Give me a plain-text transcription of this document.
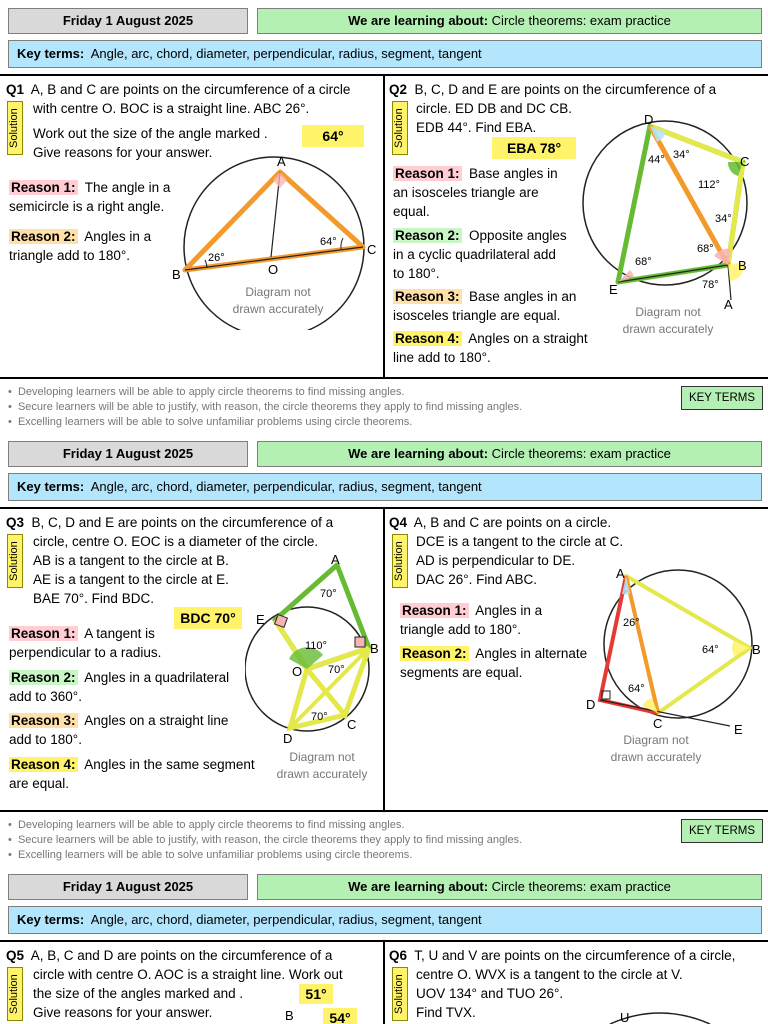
Friday 1 August 2025	We are learning about: Circle theorems: exam practice
Key terms: Angle, arc, chord, diameter, perpendicular, radius, segment, tangent
Q1 A, B and C are points on the circumference of a circle
with centre O. BOC is a straight line. ABC 26°.
Work out the size of the angle marked .
Give reasons for your answer.
Solution	64°
Reason 1: The angle in a
semicircle is a right angle.
Reason 2: Angles in a
triangle add to 180°.
A
B
C
O
26°
64°
Diagram not
drawn accurately
Q2 B, C, D and E are points on the circumference of a
circle. ED DB and DC CB.
EDB 44°. Find EBA.
Solution
EBA 78°
Reason 1: Base angles in
an isosceles triangle are
equal.
Reason 2: Opposite angles
in a cyclic quadrilateral add
to 180°.
Reason 3: Base angles in an
isosceles triangle are equal.
Reason 4: Angles on a straight
line add to 180°.
D
C
B
E
A
44° 34°
112°
34°
68°
68°
78°
Diagram not
drawn accurately
•  Developing learners will be able to apply circle theorems to find missing angles.
•  Secure learners will be able to justify, with reason, the circle theorems they apply to find missing angles.
•  Excelling learners will be able to solve unfamiliar problems using circle theorems.
KEY TERMS
Friday 1 August 2025	We are learning about: Circle theorems: exam practice
Key terms: Angle, arc, chord, diameter, perpendicular, radius, segment, tangent
Q3 B, C, D and E are points on the circumference of a
circle, centre O. EOC is a diameter of the circle.
AB is a tangent to the circle at B.
AE is a tangent to the circle at E.
BAE 70°. Find BDC.
Solution
BDC 70°
Reason 1: A tangent is
perpendicular to a radius.
Reason 2: Angles in a quadrilateral
add to 360°.
Reason 3: Angles on a straight line
add to 180°.
Reason 4: Angles in the same segment
are equal.
A
B
C
D
E
O
70°
110°
70°
70°
Diagram not
drawn accurately
Q4 A, B and C are points on a circle.
DCE is a tangent to the circle at C.
AD is perpendicular to DE.
DAC 26°. Find ABC.
Solution
Reason 1: Angles in a
triangle add to 180°.
Reason 2: Angles in alternate
segments are equal.
A
B
C
D
E
26°
64°
64°
Diagram not
drawn accurately
•  Developing learners will be able to apply circle theorems to find missing angles.
•  Secure learners will be able to justify, with reason, the circle theorems they apply to find missing angles.
•  Excelling learners will be able to solve unfamiliar problems using circle theorems.
KEY TERMS
Friday 1 August 2025	We are learning about: Circle theorems: exam practice
Key terms: Angle, arc, chord, diameter, perpendicular, radius, segment, tangent
Q5 A, B, C and D are points on the circumference of a
circle with centre O. AOC is a straight line. Work out
the size of the angles marked and .
Give reasons for your answer.
Solution	51°
54°
B
Q6 T, U and V are points on the circumference of a circle,
centre O. WVX is a tangent to the circle at V.
UOV 134° and TUO 26°.
Find TVX.
Solution
U
